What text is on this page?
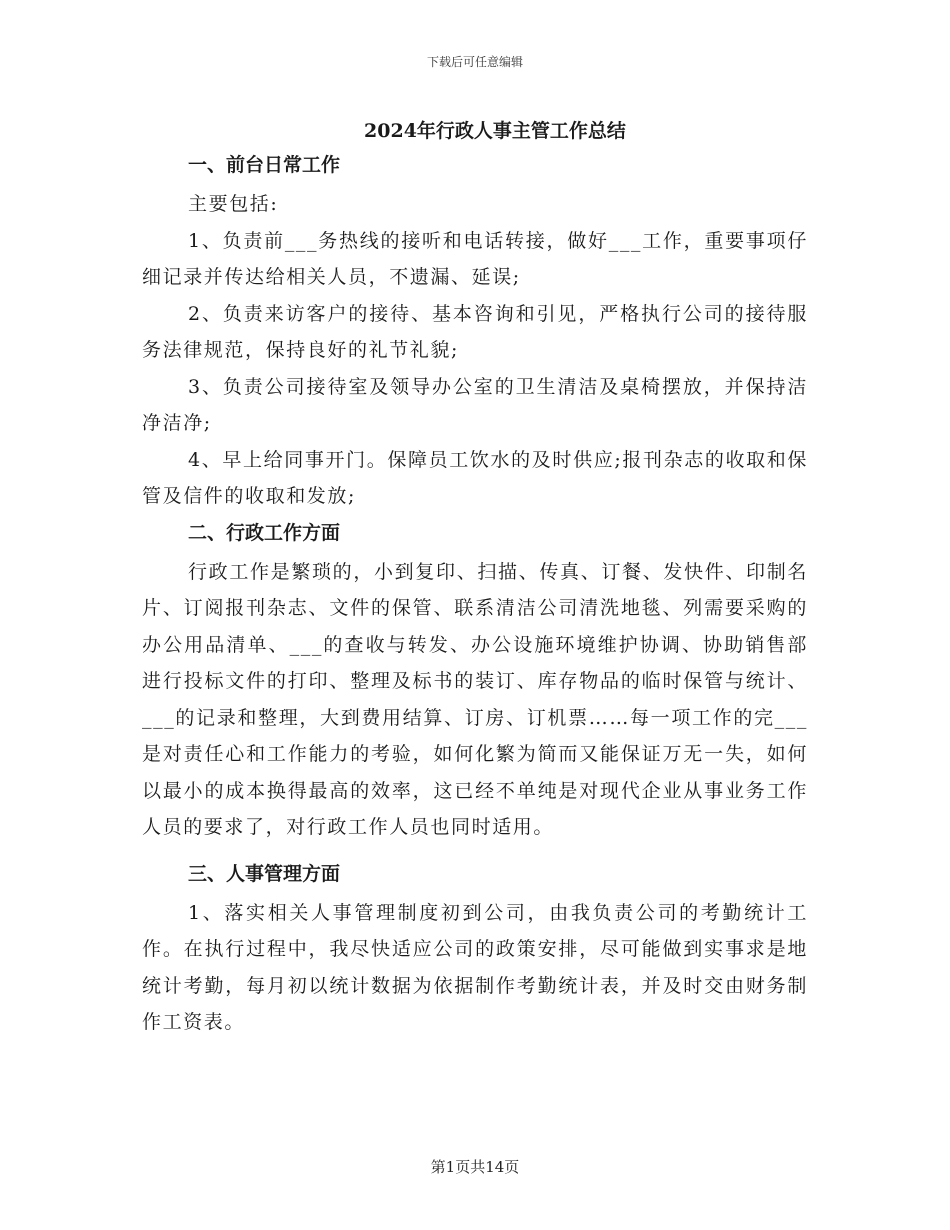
下载后可任意编辑
2024年行政人事主管工作总结
一、前台日常工作
主要包括:
1、负责前___务热线的接听和电话转接，做好___工作，重要事项仔细记录并传达给相关人员，不遗漏、延误;
2、负责来访客户的接待、基本咨询和引见，严格执行公司的接待服务法律规范，保持良好的礼节礼貌;
3、负责公司接待室及领导办公室的卫生清洁及桌椅摆放，并保持洁净洁净;
4、早上给同事开门。保障员工饮水的及时供应;报刊杂志的收取和保管及信件的收取和发放;
二、行政工作方面
行政工作是繁琐的，小到复印、扫描、传真、订餐、发快件、印制名片、订阅报刊杂志、文件的保管、联系清洁公司清洗地毯、列需要采购的办公用品清单、___的查收与转发、办公设施环境维护协调、协助销售部进行投标文件的打印、整理及标书的装订、库存物品的临时保管与统计、___的记录和整理，大到费用结算、订房、订机票……每一项工作的完___是对责任心和工作能力的考验，如何化繁为简而又能保证万无一失，如何以最小的成本换得最高的效率，这已经不单纯是对现代企业从事业务工作人员的要求了，对行政工作人员也同时适用。
三、人事管理方面
1、落实相关人事管理制度初到公司，由我负责公司的考勤统计工作。在执行过程中，我尽快适应公司的政策安排，尽可能做到实事求是地统计考勤，每月初以统计数据为依据制作考勤统计表，并及时交由财务制作工资表。
第1页共14页
